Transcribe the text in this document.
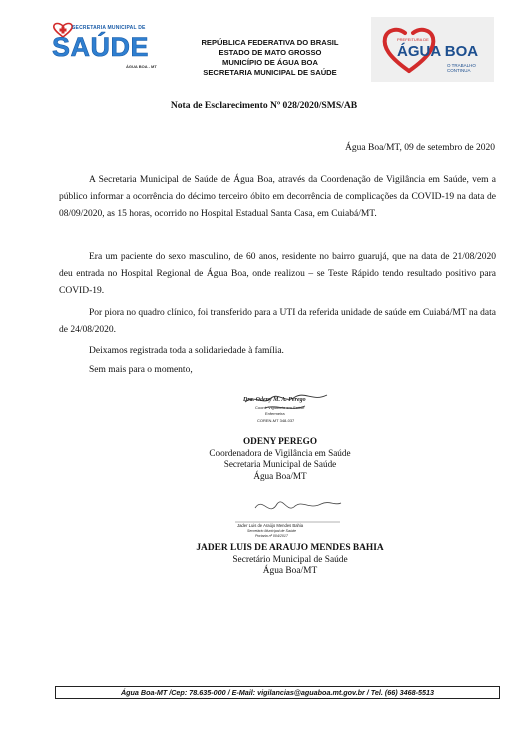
SECRETARIA MUNICIPAL DE
SAÚDE
ÁGUA BOA - MT
REPÚBLICA FEDERATIVA DO BRASIL
ESTADO DE MATO GROSSO
MUNICÍPIO DE ÁGUA BOA
SECRETARIA MUNICIPAL DE SAÚDE
PREFEITURA DE
ÁGUA BOA
O TRABALHO CONTINUA
Nota de Esclarecimento Nº 028/2020/SMS/AB
Água Boa/MT, 09 de setembro de 2020

A Secretaria Municipal de Saúde de Água Boa, através da Coordenação de Vigilância em Saúde, vem a público informar a ocorrência do décimo terceiro óbito em decorrência de complicações da COVID-19 na data de 08/09/2020, as 15 horas, ocorrido no Hospital Estadual Santa Casa, em Cuiabá/MT.

Era um paciente do sexo masculino, de 60 anos, residente no bairro guarujá, que na data de 21/08/2020 deu entrada no Hospital Regional de Água Boa, onde realizou – se Teste Rápido tendo resultado positivo para COVID-19.

Por piora no quadro clínico, foi transferido para a UTI da referida unidade de saúde em Cuiabá/MT na data de 24/08/2020.

Deixamos registrada toda a solidariedade à família.

Sem mais para o momento,

Dra. Odeny M. A. Perego
Coord. Vigilância em Saúde
Enfermeira
COREN-MT 348-037
ODENY PEREGO
Coordenadora de Vigilância em Saúde
Secretaria Municipal de Saúde
Água Boa/MT
Jader Luis de Araújo Mendes Bahia
Secretário Municipal de Saúde
Portaria nº 004/2017
JADER LUIS DE ARAUJO MENDES BAHIA
Secretário Municipal de Saúde
Água Boa/MT
Água Boa-MT /Cep: 78.635-000 / E-Mail: vigilancias@aguaboa.mt.gov.br / Tel. (66) 3468-5513
